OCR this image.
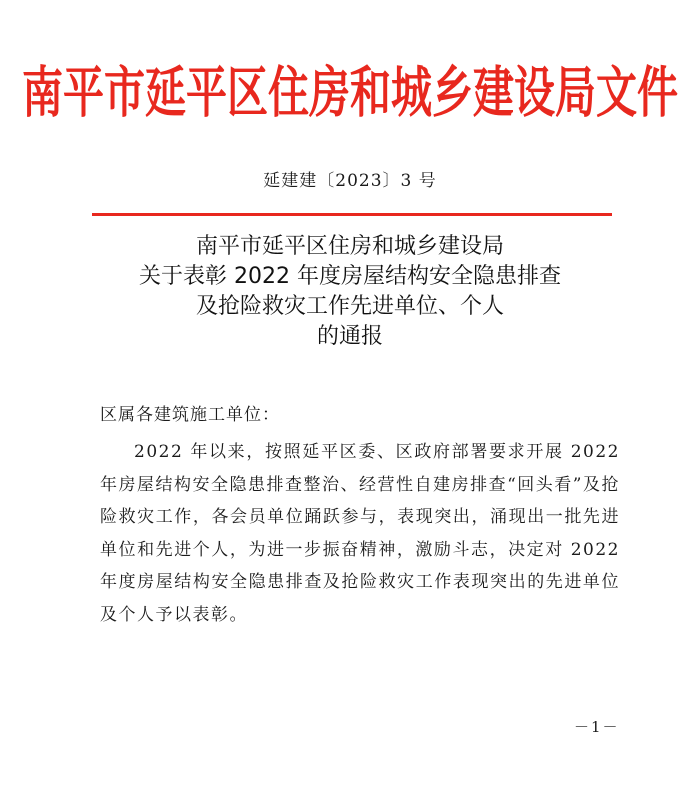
南平市延平区住房和城乡建设局文件
延建建〔2023〕3 号
南平市延平区住房和城乡建设局
关于表彰 2022 年度房屋结构安全隐患排查
及抢险救灾工作先进单位、个人
的通报
区属各建筑施工单位：
2022 年以来，按照延平区委、区政府部署要求开展 2022 年房屋结构安全隐患排查整治、经营性自建房排查“回头看”及抢险救灾工作，各会员单位踊跃参与，表现突出，涌现出一批先进单位和先进个人，为进一步振奋精神，激励斗志，决定对 2022 年度房屋结构安全隐患排查及抢险救灾工作表现突出的先进单位及个人予以表彰。
－1－
